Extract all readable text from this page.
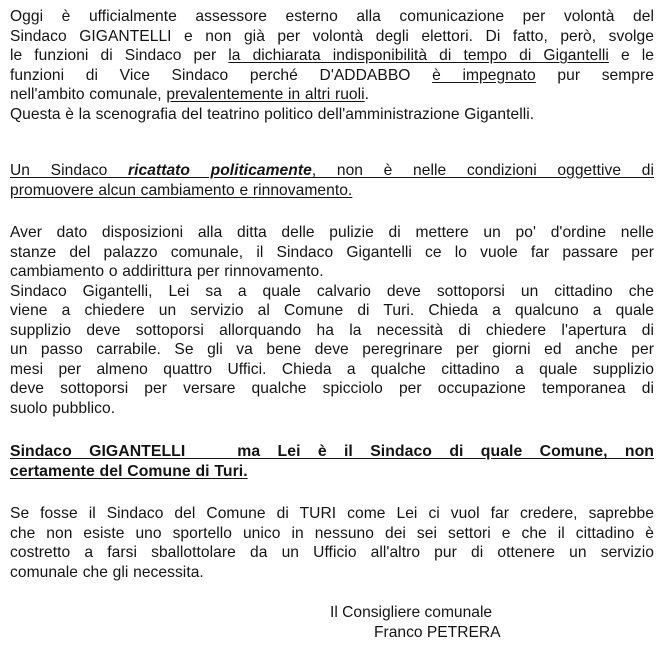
Oggi è ufficialmente assessore esterno alla comunicazione per volontà del
Sindaco GIGANTELLI e non già per volontà degli elettori. Di fatto, però, svolge
le funzioni di Sindaco per la dichiarata indisponibilità di tempo di Gigantelli e le
funzioni di Vice Sindaco perché D'ADDABBO è impegnato pur sempre
nell'ambito comunale, prevalentemente in altri ruoli.
Questa è la scenografia del teatrino politico dell'amministrazione Gigantelli.
Un Sindaco ricattato politicamente, non è nelle condizioni oggettive di
promuovere alcun cambiamento e rinnovamento.
Aver dato disposizioni alla ditta delle pulizie di mettere un po' d'ordine nelle
stanze del palazzo comunale, il Sindaco Gigantelli ce lo vuole far passare per
cambiamento o addirittura per rinnovamento.
Sindaco Gigantelli, Lei sa a quale calvario deve sottoporsi un cittadino che
viene a chiedere un servizio al Comune di Turi. Chieda a qualcuno a quale
supplizio deve sottoporsi allorquando ha la necessità di chiedere l'apertura di
un passo carrabile. Se gli va bene deve peregrinare per giorni ed anche per
mesi per almeno quattro Uffici. Chieda a qualche cittadino a quale supplizio
deve sottoporsi per versare qualche spicciolo per occupazione temporanea di
suolo pubblico.
Sindaco GIGANTELLI   ma Lei è il Sindaco di quale Comune, non
certamente del Comune di Turi.
Se fosse il Sindaco del Comune di TURI come Lei ci vuol far credere, saprebbe
che non esiste uno sportello unico in nessuno dei sei settori e che il cittadino è
costretto a farsi sballottolare da un Ufficio all'altro pur di ottenere un servizio
comunale che gli necessita.
Il Consigliere comunale
Franco PETRERA
